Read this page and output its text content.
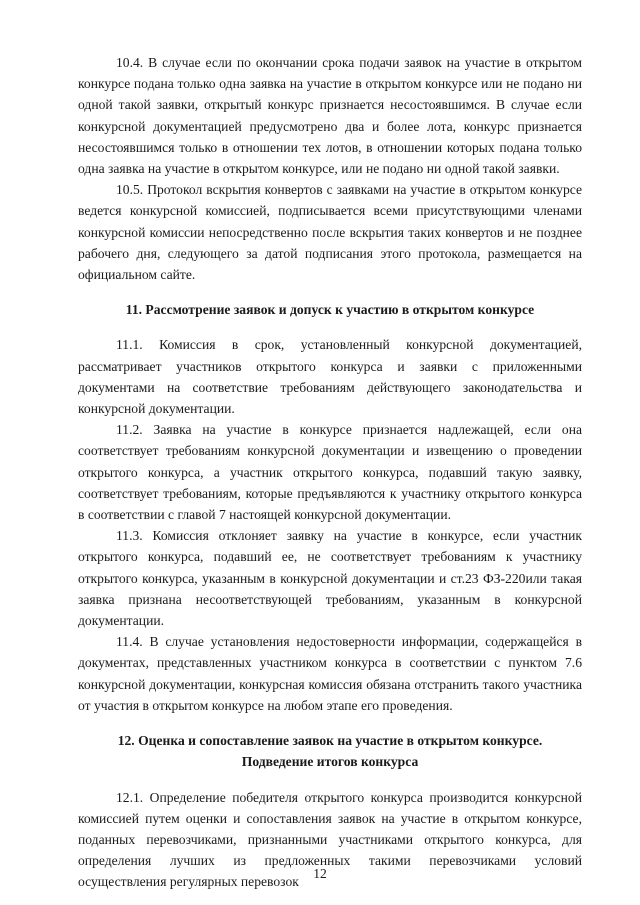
10.4. В случае если по окончании срока подачи заявок на участие в открытом конкурсе подана только одна заявка на участие в открытом конкурсе или не подано ни одной такой заявки, открытый конкурс признается несостоявшимся. В случае если конкурсной документацией предусмотрено два и более лота, конкурс признается несостоявшимся только в отношении тех лотов, в отношении которых подана только одна заявка на участие в открытом конкурсе, или не подано ни одной такой заявки.

10.5. Протокол вскрытия конвертов с заявками на участие в открытом конкурсе ведется конкурсной комиссией, подписывается всеми присутствующими членами конкурсной комиссии непосредственно после вскрытия таких конвертов и не позднее рабочего дня, следующего за датой подписания этого протокола, размещается на официальном сайте.

11. Рассмотрение заявок и допуск к участию в открытом конкурсе

11.1. Комиссия в срок, установленный конкурсной документацией, рассматривает участников открытого конкурса и заявки с приложенными документами на соответствие требованиям действующего законодательства и конкурсной документации.

11.2. Заявка на участие в конкурсе признается надлежащей, если она соответствует требованиям конкурсной документации и извещению о проведении открытого конкурса, а участник открытого конкурса, подавший такую заявку, соответствует требованиям, которые предъявляются к участнику открытого конкурса в соответствии с главой 7 настоящей конкурсной документации.

11.3. Комиссия отклоняет заявку на участие в конкурсе, если участник открытого конкурса, подавший ее, не соответствует требованиям к участнику открытого конкурса, указанным в конкурсной документации и ст.23 ФЗ-220или такая заявка признана несоответствующей требованиям, указанным в конкурсной документации.

11.4. В случае установления недостоверности информации, содержащейся в документах, представленных участником конкурса в соответствии с пунктом 7.6 конкурсной документации, конкурсная комиссия обязана отстранить такого участника от участия в открытом конкурсе на любом этапе его проведения.

12. Оценка и сопоставление заявок на участие в открытом конкурсе.
Подведение итогов конкурса

12.1. Определение победителя открытого конкурса производится конкурсной комиссией путем оценки и сопоставления заявок на участие в открытом конкурсе, поданных перевозчиками, признанными участниками открытого конкурса, для определения лучших из предложенных такими перевозчиками условий осуществления регулярных перевозок

12
